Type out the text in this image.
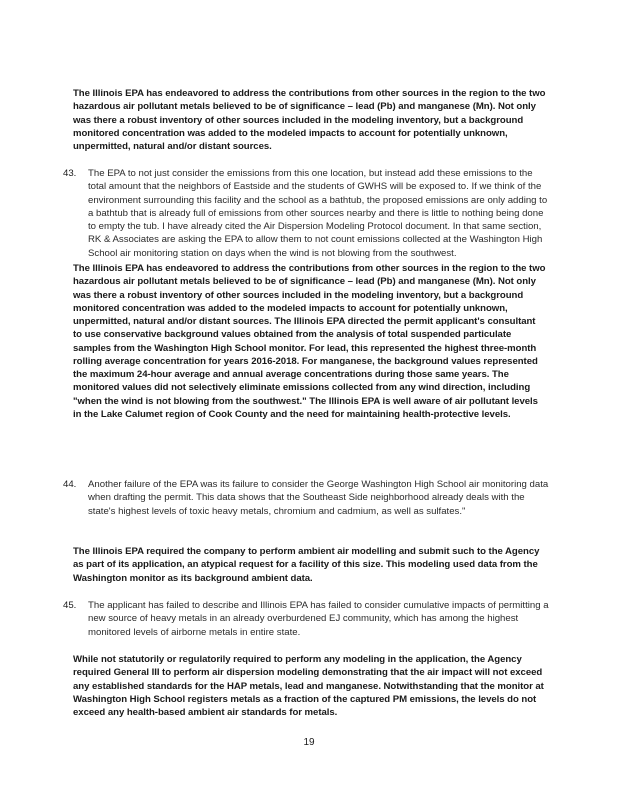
The Illinois EPA has endeavored to address the contributions from other sources in the region to the two hazardous air pollutant metals believed to be of significance – lead (Pb) and manganese (Mn). Not only was there a robust inventory of other sources included in the modeling inventory, but a background monitored concentration was added to the modeled impacts to account for potentially unknown, unpermitted, natural and/or distant sources.
43.	The EPA to not just consider the emissions from this one location, but instead add these emissions to the total amount that the neighbors of Eastside and the students of GWHS will be exposed to. If we think of the environment surrounding this facility and the school as a bathtub, the proposed emissions are only adding to a bathtub that is already full of emissions from other sources nearby and there is little to nothing being done to empty the tub. I have already cited the Air Dispersion Modeling Protocol document. In that same section, RK & Associates are asking the EPA to allow them to not count emissions collected at the Washington High School air monitoring station on days when the wind is not blowing from the southwest.
The Illinois EPA has endeavored to address the contributions from other sources in the region to the two hazardous air pollutant metals believed to be of significance – lead (Pb) and manganese (Mn). Not only was there a robust inventory of other sources included in the modeling inventory, but a background monitored concentration was added to the modeled impacts to account for potentially unknown, unpermitted, natural and/or distant sources. The Illinois EPA directed the permit applicant's consultant to use conservative background values obtained from the analysis of total suspended particulate samples from the Washington High School monitor. For lead, this represented the highest three-month rolling average concentration for years 2016-2018. For manganese, the background values represented the maximum 24-hour average and annual average concentrations during those same years. The monitored values did not selectively eliminate emissions collected from any wind direction, including "when the wind is not blowing from the southwest." The Illinois EPA is well aware of air pollutant levels in the Lake Calumet region of Cook County and the need for maintaining health-protective levels.
44.	Another failure of the EPA was its failure to consider the George Washington High School air monitoring data when drafting the permit. This data shows that the Southeast Side neighborhood already deals with the state's highest levels of toxic heavy metals, chromium and cadmium, as well as sulfates."
The Illinois EPA required the company to perform ambient air modelling and submit such to the Agency as part of its application, an atypical request for a facility of this size. This modeling used data from the Washington monitor as its background ambient data.
45.	The applicant has failed to describe and Illinois EPA has failed to consider cumulative impacts of permitting a new source of heavy metals in an already overburdened EJ community, which has among the highest monitored levels of airborne metals in entire state.
While not statutorily or regulatorily required to perform any modeling in the application, the Agency required General III to perform air dispersion modeling demonstrating that the air impact will not exceed any established standards for the HAP metals, lead and manganese. Notwithstanding that the monitor at Washington High School registers metals as a fraction of the captured PM emissions, the levels do not exceed any health-based ambient air standards for metals.
19
